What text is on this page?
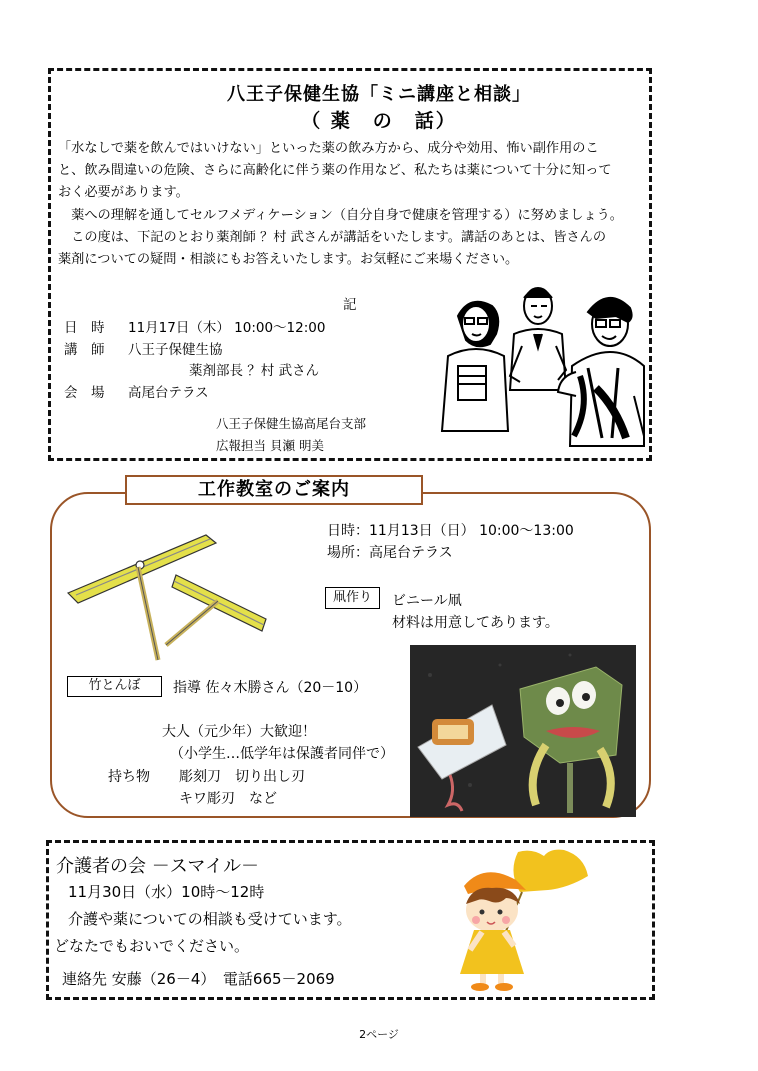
八王子保健生協「ミニ講座と相談」
（ 薬　の　話）
「水なしで薬を飲んではいけない」といった薬の飲み方から、成分や効用、怖い副作用のこ
と、飲み間違いの危険、さらに高齢化に伴う薬の作用など、私たちは薬について十分に知って
おく必要があります。
　薬への理解を通してセルフメディケーション（自分自身で健康を管理する）に努めましょう。
　この度は、下記のとおり薬剤師 ？村 武さんが講話をいたします。講話のあとは、皆さんの
薬剤についての疑問・相談にもお答えいたします。お気軽にご来場ください。
記
日　時 11月17日（木） 10:00～12:00
講　師 八王子保健生協
薬剤部長 ？村 武さん
会　場 高尾台テラス
八王子保健生協高尾台支部
広報担当 貝瀬 明美
工作教室のご案内
日時：11月13日（日） 10:00～13:00
場所：高尾台テラス
凧作り	ビニール凧
材料は用意してあります。
竹とんぼ	指導 佐々木勝さん（20－10）
大人（元少年）大歓迎！
（小学生…低学年は保護者同伴で）
持ち物 彫刻刀　切り出し刃
キワ彫刃　など
介護者の会 －スマイル－
11月30日（水）10時～12時
介護や薬についての相談も受けています。
どなたでもおいでください。
連絡先 安藤（26－4）　電話665－2069
2ページ
